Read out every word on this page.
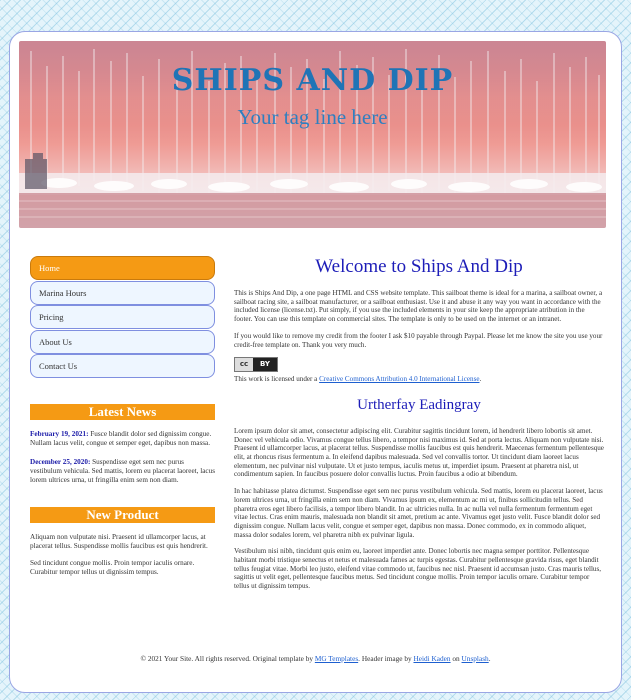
SHIPS AND DIP
Your tag line here
Home
Marina Hours
Pricing
About Us
Contact Us
Latest News
February 19, 2021: Fusce blandit dolor sed dignissim congue. Nullam lacus velit, congue et semper eget, dapibus non massa.
December 25, 2020: Suspendisse eget sem nec purus vestibulum vehicula. Sed mattis, lorem eu placerat laoreet, lacus lorem ultrices urna, ut fringilla enim sem non diam.
New Product
Aliquam non vulputate nisi. Praesent id ullamcorper lacus, at placerat tellus. Suspendisse mollis faucibus est quis hendrerit.
Sed tincidunt congue mollis. Proin tempor iaculis ornare. Curabitur tempor tellus ut dignissim tempus.
Welcome to Ships And Dip

This is Ships And Dip, a one page HTML and CSS website template. This sailboat theme is ideal for a marina, a sailboat owner, a sailboat racing site, a sailboat manufacturer, or a sailboat enthusiast. Use it and abuse it any way you want in accordance with the included license (license.txt). Put simply, if you use the included elements in your site keep the appropriate atribution in the footer. You can use this template on commercial sites. The template is only to be used on the internet or an intranet.

If you would like to remove my credit from the footer I ask $10 payable through Paypal. Please let me know the site you use your credit-free template on. Thank you very much.

cc	BY

This work is licensed under a Creative Commons Attribution 4.0 International License.

Urtherfay Eadingray

Lorem ipsum dolor sit amet, consectetur adipiscing elit. Curabitur sagittis tincidunt lorem, id hendrerit libero lobortis sit amet. Donec vel vehicula odio. Vivamus congue tellus libero, a tempor nisi maximus id. Sed at porta lectus. Aliquam non vulputate nisi. Praesent id ullamcorper lacus, at placerat tellus. Suspendisse mollis faucibus est quis hendrerit. Maecenas fermentum pellentesque elit, at rhoncus risus fermentum a. In eleifend dapibus malesuada. Sed vel convallis tortor. Ut tincidunt diam laoreet lacus elementum, nec pulvinar nisl vulputate. Ut et justo tempus, iaculis metus ut, imperdiet ipsum. Praesent at pharetra nisl, ut condimentum sapien. In faucibus posuere dolor convallis luctus. Proin faucibus a odio at bibendum.

In hac habitasse platea dictumst. Suspendisse eget sem nec purus vestibulum vehicula. Sed mattis, lorem eu placerat laoreet, lacus lorem ultrices urna, ut fringilla enim sem non diam. Vivamus ipsum ex, elementum ac mi ut, finibus sollicitudin tellus. Sed pharetra eros eget libero facilisis, a tempor libero blandit. In ac ultricies nulla. In ac nulla vel nulla fermentum fermentum eget vitae lectus. Cras enim mauris, malesuada non blandit sit amet, pretium ac ante. Vivamus eget justo velit. Fusce blandit dolor sed dignissim congue. Nullam lacus velit, congue et semper eget, dapibus non massa. Donec commodo, ex in commodo aliquet, massa dolor sodales lorem, vel pharetra nibh ex pulvinar ligula.

Vestibulum nisi nibh, tincidunt quis enim eu, laoreet imperdiet ante. Donec lobortis nec magna semper porttitor. Pellentesque habitant morbi tristique senectus et netus et malesuada fames ac turpis egestas. Curabitur pellentesque gravida risus, eget blandit tellus feugiat vitae. Morbi leo justo, eleifend vitae commodo ut, faucibus nec nisl. Praesent id accumsan justo. Cras mauris tellus, sagittis ut velit eget, pellentesque faucibus metus. Sed tincidunt congue mollis. Proin tempor iaculis ornare. Curabitur tempor tellus ut dignissim tempus.

© 2021 Your Site. All rights reserved. Original template by MG Templates. Header image by Heidi Kaden on Unsplash.
